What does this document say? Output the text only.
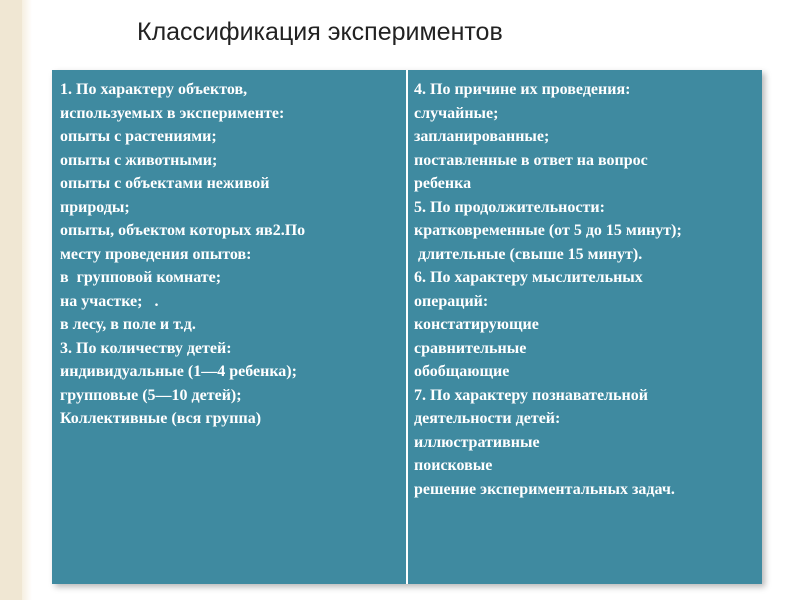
Классификация экспериментов
1. По характеру объектов,
используемых в эксперименте:
опыты с растениями;
опыты с животными;
опыты с объектами неживой
природы;
опыты, объектом которых яв2.По
месту проведения опытов:
в  групповой комнате;
на участке;   .
в лесу, в поле и т.д.
3. По количеству детей:
индивидуальные (1—4 ребенка);
групповые (5—10 детей);
Коллективные (вся группа)
4. По причине их проведения:
случайные;
запланированные;
поставленные в ответ на вопрос
ребенка
5. По продолжительности:
кратковременные (от 5 до 15 минут);
длительные (свыше 15 минут).
6. По характеру мыслительных
операций:
констатирующие
сравнительные
обобщающие
7. По характеру познавательной
деятельности детей:
иллюстративные
поисковые
решение экспериментальных задач.
